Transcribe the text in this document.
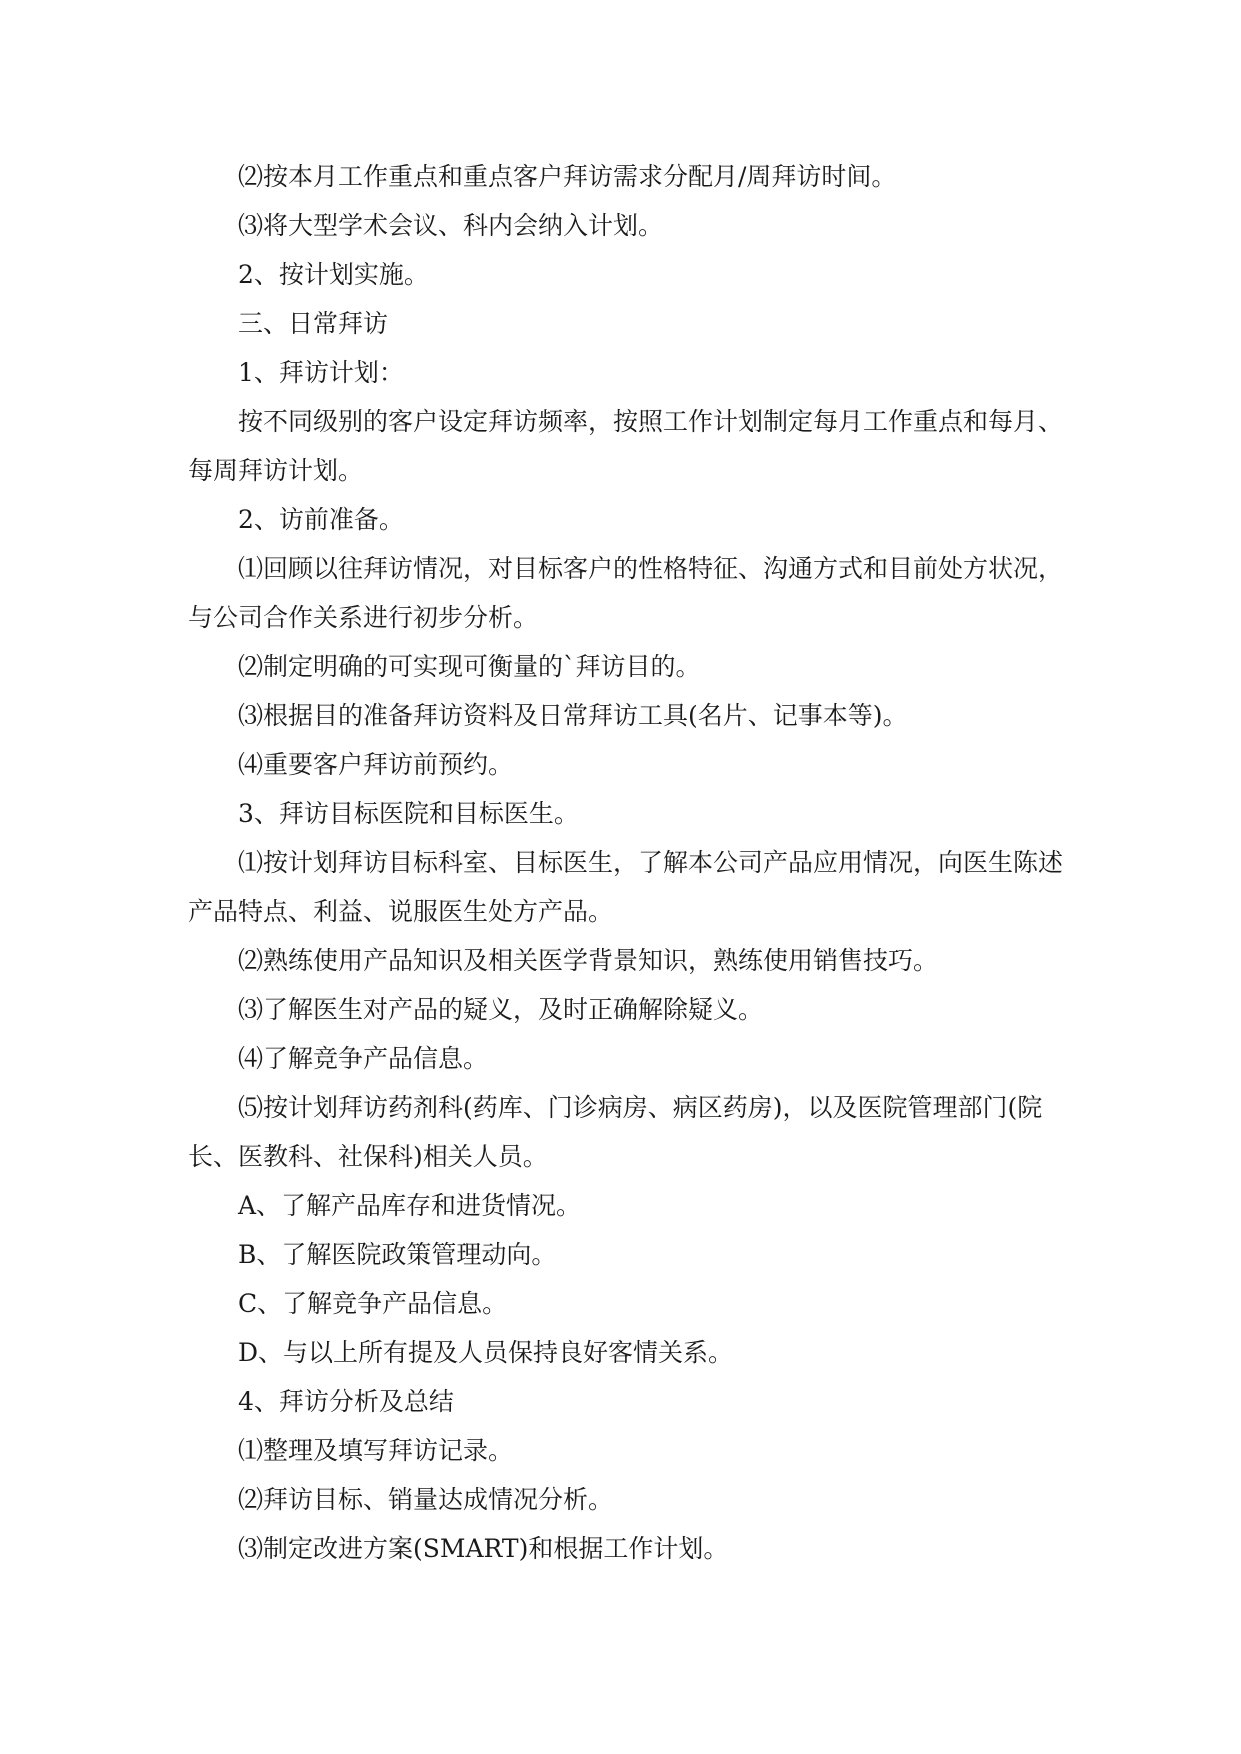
⑵按本月工作重点和重点客户拜访需求分配月/周拜访时间。

⑶将大型学术会议、科内会纳入计划。

2、按计划实施。

三、日常拜访

1、拜访计划：

按不同级别的客户设定拜访频率，按照工作计划制定每月工作重点和每月、每周拜访计划。

2、访前准备。

⑴回顾以往拜访情况，对目标客户的性格特征、沟通方式和目前处方状况，与公司合作关系进行初步分析。

⑵制定明确的可实现可衡量的`拜访目的。

⑶根据目的准备拜访资料及日常拜访工具(名片、记事本等)。

⑷重要客户拜访前预约。

3、拜访目标医院和目标医生。

⑴按计划拜访目标科室、目标医生，了解本公司产品应用情况，向医生陈述产品特点、利益、说服医生处方产品。

⑵熟练使用产品知识及相关医学背景知识，熟练使用销售技巧。

⑶了解医生对产品的疑义，及时正确解除疑义。

⑷了解竞争产品信息。

⑸按计划拜访药剂科(药库、门诊病房、病区药房)，以及医院管理部门(院长、医教科、社保科)相关人员。

A、了解产品库存和进货情况。

B、了解医院政策管理动向。

C、了解竞争产品信息。

D、与以上所有提及人员保持良好客情关系。

4、拜访分析及总结

⑴整理及填写拜访记录。

⑵拜访目标、销量达成情况分析。

⑶制定改进方案(SMART)和根据工作计划。
